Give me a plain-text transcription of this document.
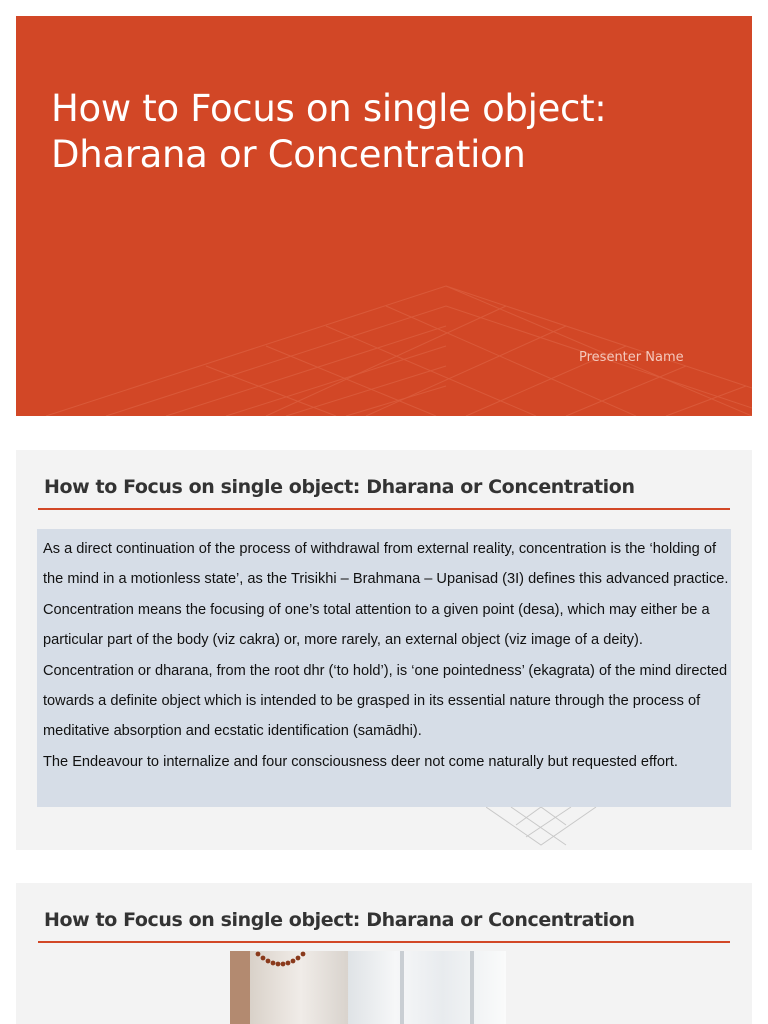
How to Focus on single object: Dharana or Concentration
Presenter Name
How to Focus on single object: Dharana or Concentration

As a direct continuation of the process of withdrawal from external reality, concentration is the ‘holding of the mind in a motionless state’, as the Trisikhi – Brahmana – Upanisad (3I) defines this advanced practice. Concentration means the focusing of one’s total attention to a given point (desa), which may either be a particular part of the body (viz cakra) or, more rarely, an external object (viz image of a deity). Concentration or dharana, from the root dhr (‘to hold’), is ‘one pointedness’ (ekagrata) of the mind directed towards a definite object which is intended to be grasped in its essential nature through the process of meditative absorption and ecstatic identification (samādhi).

The Endeavour to internalize and four consciousness deer not come naturally but requested effort.

How to Focus on single object: Dharana or Concentration
